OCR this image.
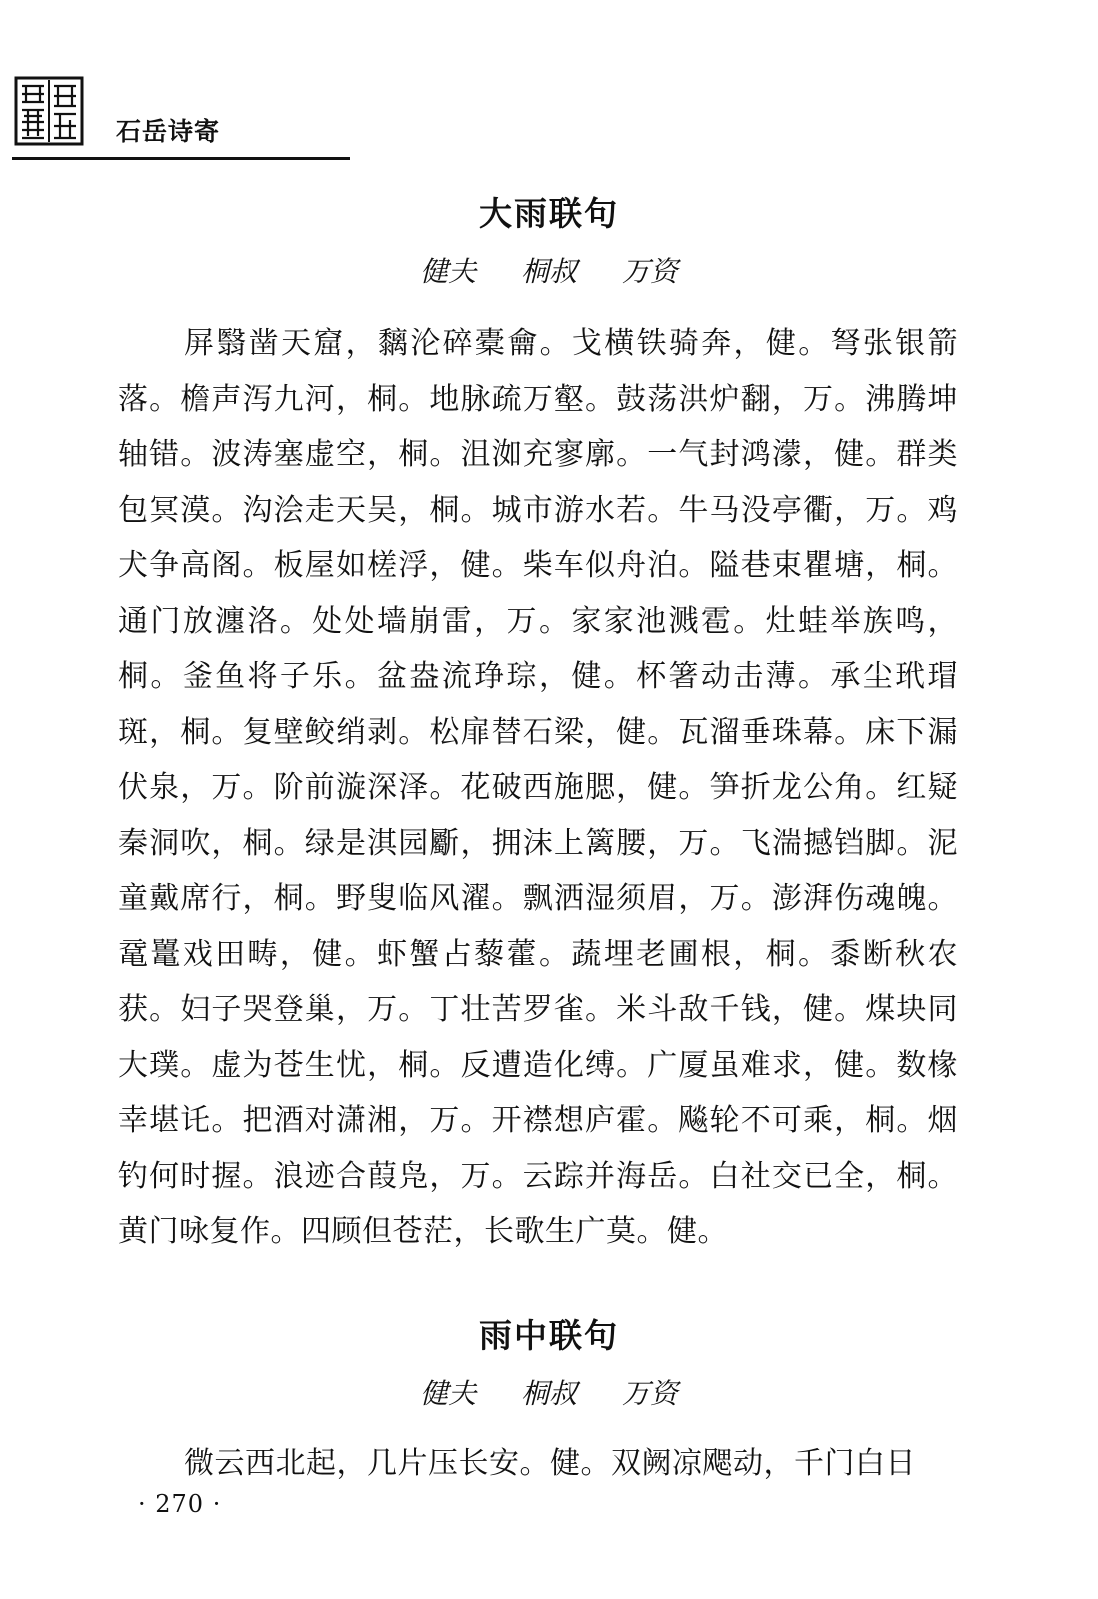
石岳诗寄
大雨联句
健夫 桐叔 万资
屏翳凿天窟，黐沦碎橐龠。戈横铁骑奔，健。弩张银箭落。檐声泻九河，桐。地脉疏万壑。鼓荡洪炉翻，万。沸腾坤轴错。波涛塞虚空，桐。沮洳充寥廓。一气封鸿濛，健。群类包冥漠。沟浍走天吴，桐。城市游水若。牛马没亭衢，万。鸡犬争高阁。板屋如槎浮，健。柴车似舟泊。隘巷束瞿塘，桐。通门放瀍洛。处处墙崩雷，万。家家池溅雹。灶蛙举族鸣，桐。釜鱼将子乐。盆盎流琤琮，健。杯箸动击薄。承尘玳瑁斑，桐。复壁鲛绡剥。松扉替石梁，健。瓦溜垂珠幕。床下漏伏泉，万。阶前漩深泽。花破西施腮，健。笋折龙公角。红疑秦洞吹，桐。绿是淇园斸，拥沫上篱腰，万。飞湍撼铛脚。泥童戴席行，桐。野叟临风濯。飘洒湿须眉，万。澎湃伤魂魄。鼋鼍戏田畴，健。虾蟹占藜藿。蔬埋老圃根，桐。黍断秋农获。妇子哭登巢，万。丁壮苦罗雀。米斗敌千钱，健。煤块同大璞。虚为苍生忧，桐。反遭造化缚。广厦虽难求，健。数椽幸堪讬。把酒对潇湘，万。开襟想庐霍。飚轮不可乘，桐。烟钓何时握。浪迹合葭凫，万。云踪并海岳。白社交已全，桐。黄门咏复作。四顾但苍茫，长歌生广莫。健。
雨中联句
健夫 桐叔 万资
微云西北起，几片压长安。健。双阙凉飔动，千门白日
· 270 ·
